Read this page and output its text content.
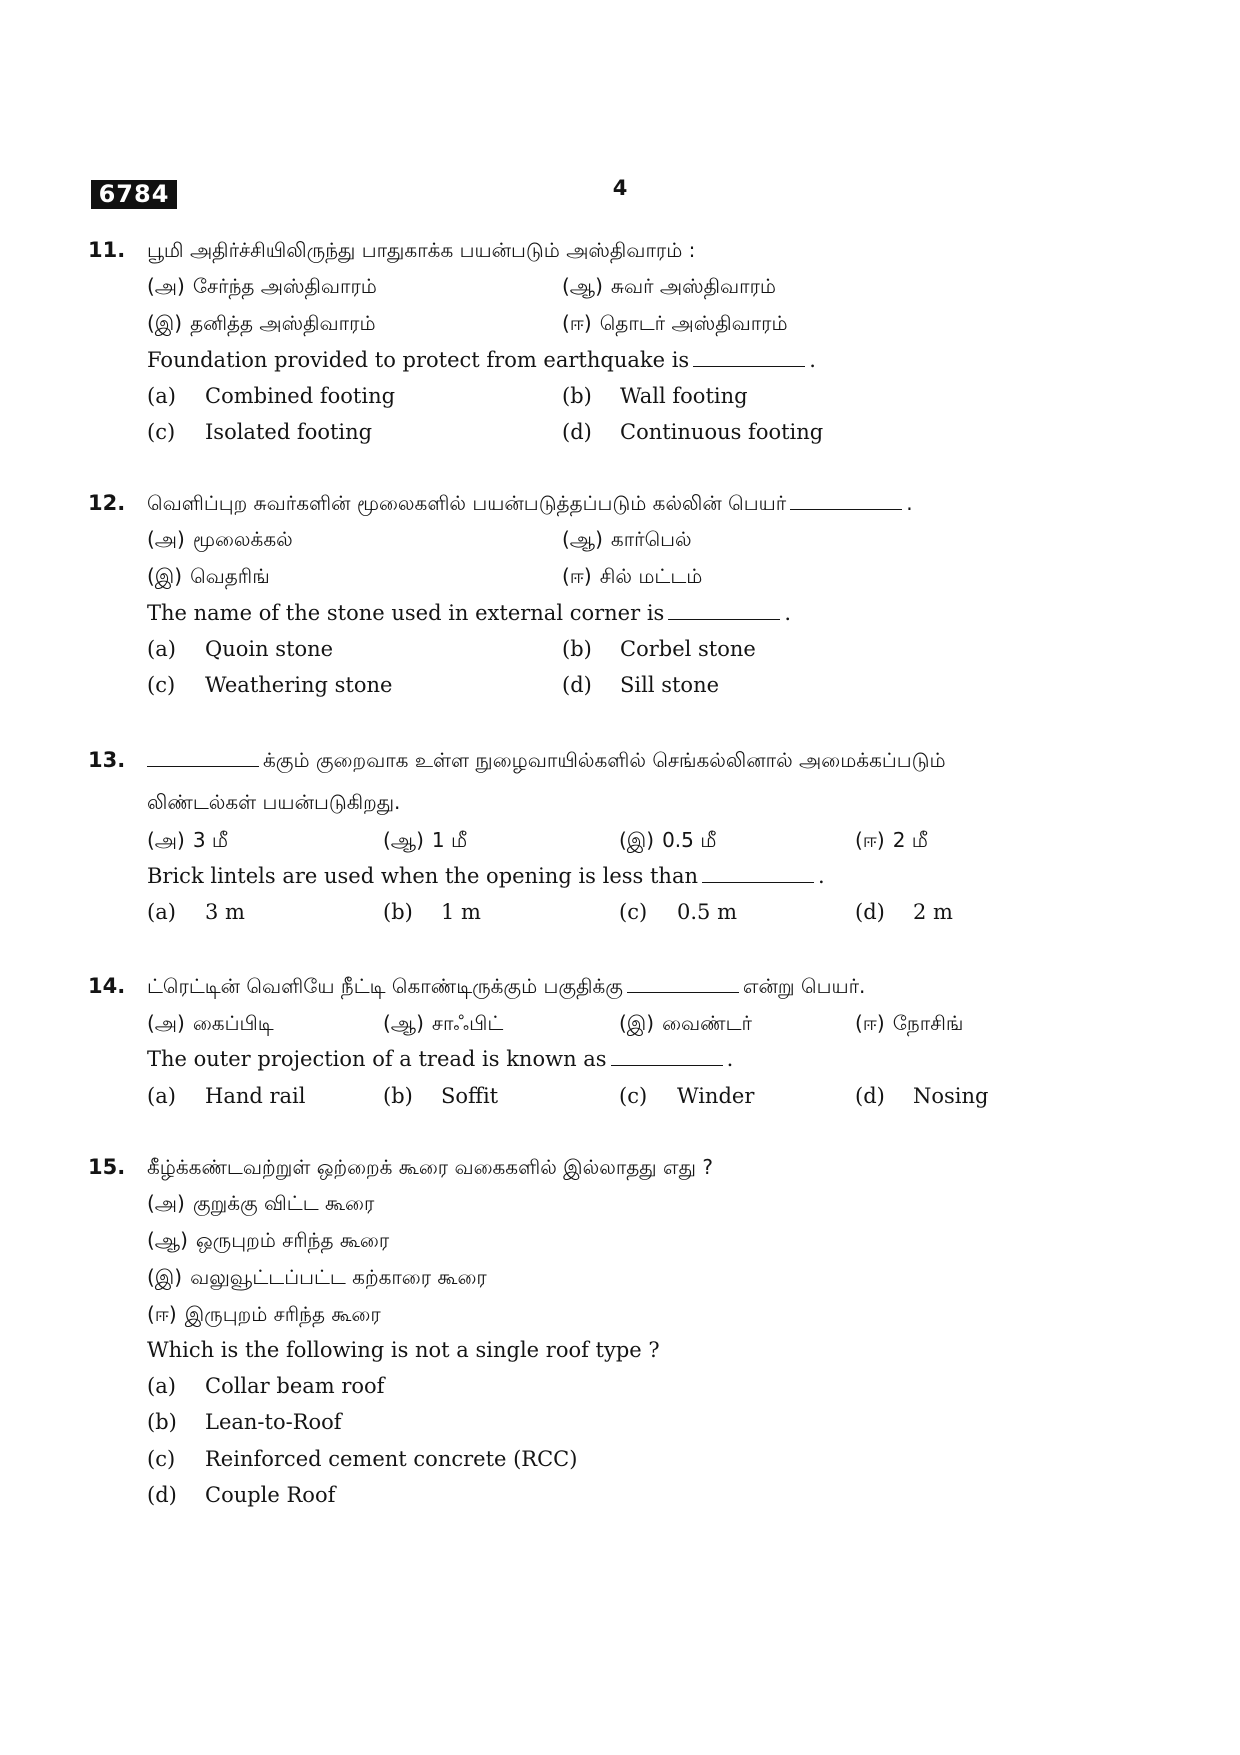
6784	4
11. பூமி அதிர்ச்சியிலிருந்து பாதுகாக்க பயன்படும் அஸ்திவாரம் :
(அ) சேர்ந்த அஸ்திவாரம்	(ஆ) சுவர் அஸ்திவாரம்
(இ) தனித்த அஸ்திவாரம்	(ஈ) தொடர் அஸ்திவாரம்
Foundation provided to protect from earthquake is	.
(a) Combined footing	(b) Wall footing
(c) Isolated footing	(d) Continuous footing
12. வெளிப்புற சுவர்களின் மூலைகளில் பயன்படுத்தப்படும் கல்லின் பெயர்	.
(அ) மூலைக்கல்	(ஆ) கார்பெல்
(இ) வெதரிங்	(ஈ) சில் மட்டம்
The name of the stone used in external corner is	.
(a) Quoin stone	(b) Corbel stone
(c) Weathering stone	(d) Sill stone
13.	க்கும் குறைவாக உள்ள நுழைவாயில்களில் செங்கல்லினால் அமைக்கப்படும்
லிண்டல்கள் பயன்படுகிறது.
(அ) 3 மீ	(ஆ) 1 மீ	(இ) 0.5 மீ	(ஈ) 2 மீ
Brick lintels are used when the opening is less than	.
(a) 3 m	(b) 1 m	(c) 0.5 m	(d) 2 m
14. ட்ரெட்டின் வெளியே நீட்டி கொண்டிருக்கும் பகுதிக்கு	என்று பெயர்.
(அ) கைப்பிடி	(ஆ) சாஃபிட்	(இ) வைண்டர்	(ஈ) நோசிங்
The outer projection of a tread is known as	.
(a) Hand rail	(b) Soffit	(c) Winder	(d) Nosing
15. கீழ்க்கண்டவற்றுள் ஒற்றைக் கூரை வகைகளில் இல்லாதது எது ?
(அ) குறுக்கு விட்ட கூரை
(ஆ) ஒருபுறம் சரிந்த கூரை
(இ) வலுவூட்டப்பட்ட கற்காரை கூரை
(ஈ) இருபுறம் சரிந்த கூரை
Which is the following is not a single roof type ?
(a) Collar beam roof
(b) Lean-to-Roof
(c) Reinforced cement concrete (RCC)
(d) Couple Roof
